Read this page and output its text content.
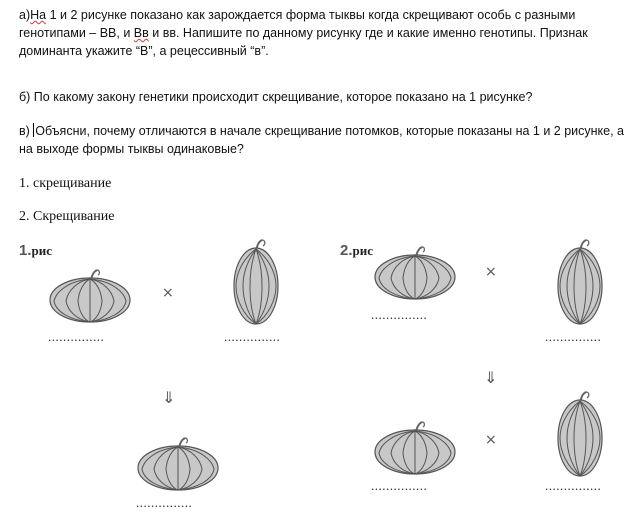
а)На 1 и 2 рисунке показано как зарождается форма тыквы когда скрещивают особь с разными генотипами – ВВ, и Вв и вв. Напишите по данному рисунку где и какие именно генотипы. Признак доминанта укажите “В”, а рецессивный “в”.
б) По какому закону генетики происходит скрещивание, которое показано на 1 рисунке?
в) Объясни, почему отличаются в начале скрещивание потомков, которые показаны на 1 и 2 рисунке, а на выходе формы тыквы одинаковые?
1. скрещивание
2. Скрещивание
1.рис	2.рис
...............
×
...............
⇓
...............
...............
×
...............
⇓
...............
×
...............
